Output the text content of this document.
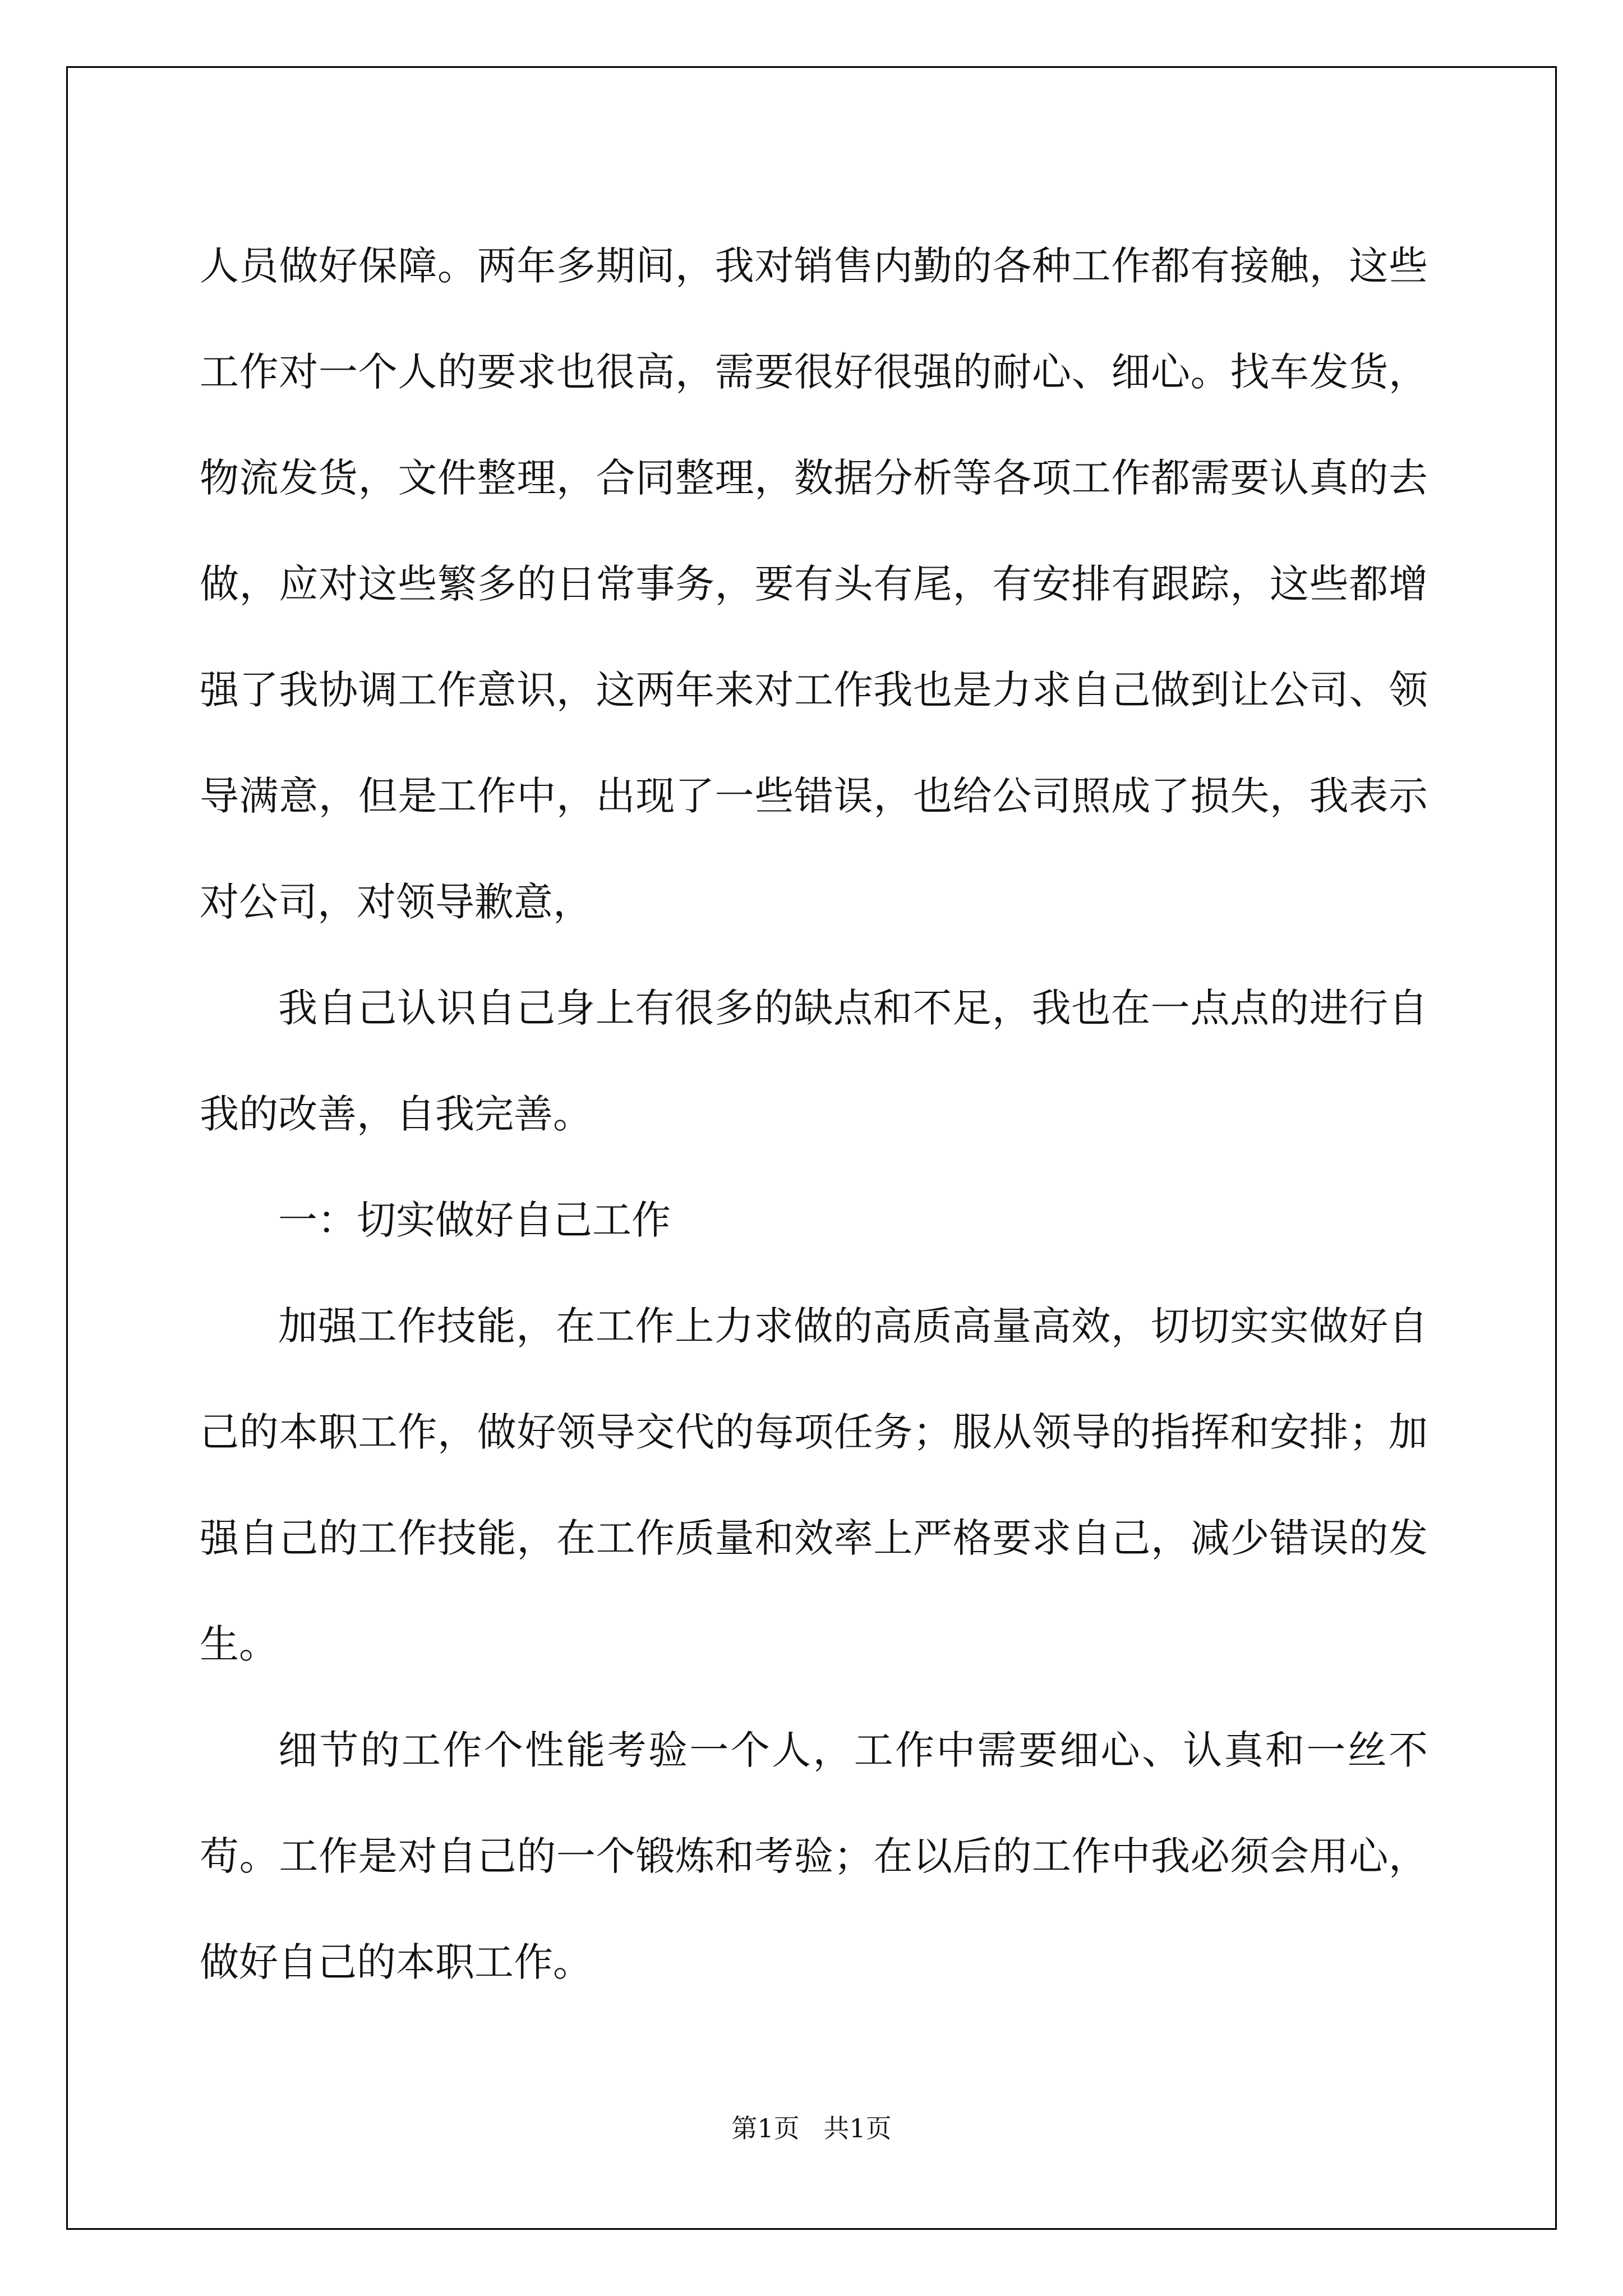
人员做好保障。两年多期间，我对销售内勤的各种工作都有接触，这些工作对一个人的要求也很高，需要很好很强的耐心、细心。找车发货，物流发货，文件整理，合同整理，数据分析等各项工作都需要认真的去做，应对这些繁多的日常事务，要有头有尾，有安排有跟踪，这些都增强了我协调工作意识，这两年来对工作我也是力求自己做到让公司、领导满意，但是工作中，出现了一些错误，也给公司照成了损失，我表示对公司，对领导歉意，

我自己认识自己身上有很多的缺点和不足，我也在一点点的进行自我的改善，自我完善。

一：切实做好自己工作

加强工作技能，在工作上力求做的高质高量高效，切切实实做好自己的本职工作，做好领导交代的每项任务；服从领导的指挥和安排；加强自己的工作技能，在工作质量和效率上严格要求自己，减少错误的发生。

细节的工作个性能考验一个人，工作中需要细心、认真和一丝不苟。工作是对自己的一个锻炼和考验；在以后的工作中我必须会用心，做好自己的本职工作。

第1页 共1页
